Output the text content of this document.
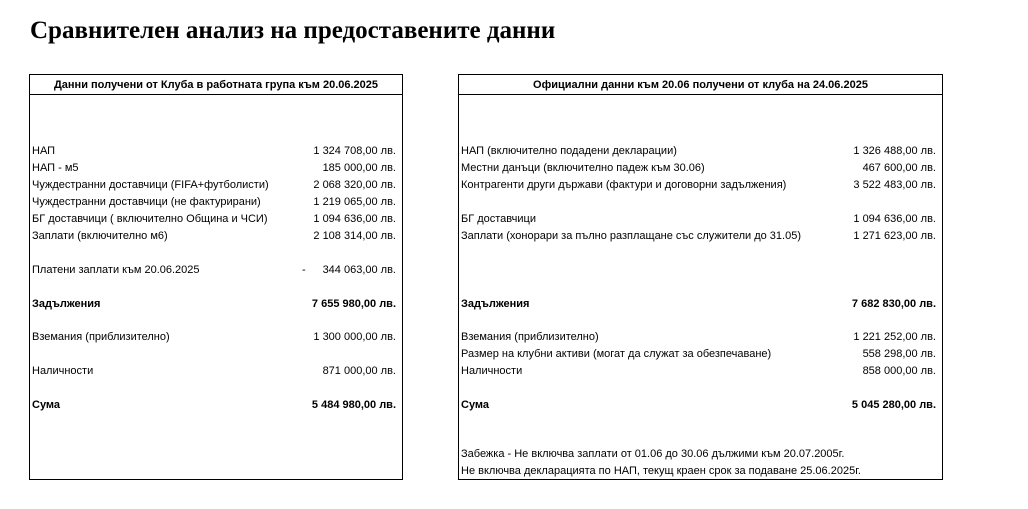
Сравнителен анализ на предоставените данни
Данни получени от Клуба в работната група към 20.06.2025
НАП	1 324 708,00 лв.
НАП - м5	185 000,00 лв.
Чуждестранни доставчици (FIFA+футболисти)	2 068 320,00 лв.
Чуждестранни доставчици (не фактурирани)	1 219 065,00 лв.
БГ доставчици ( включително Община и ЧСИ)	1 094 636,00 лв.
Заплати (включително м6)	2 108 314,00 лв.
Платени заплати към 20.06.2025	- 344 063,00 лв.
Задължения	7 655 980,00 лв.
Вземания (приблизително)	1 300 000,00 лв.
Наличности	871 000,00 лв.
Сума	5 484 980,00 лв.
Официални данни към 20.06 получени от клуба на 24.06.2025
НАП (включително подадени декларации)	1 326 488,00 лв.
Местни данъци (включително падеж към 30.06)	467 600,00 лв.
Контрагенти други държави (фактури и договорни задължения)	3 522 483,00 лв.
БГ доставчици	1 094 636,00 лв.
Заплати (хонорари за пълно разплащане със служители до 31.05)	1 271 623,00 лв.
Задължения	7 682 830,00 лв.
Вземания (приблизително)	1 221 252,00 лв.
Размер на клубни активи (могат да служат за обезпечаване)	558 298,00 лв.
Наличности	858 000,00 лв.
Сума	5 045 280,00 лв.
Забежка - Не включва заплати от 01.06 до 30.06 дължими към 20.07.2005г.
Не включва декларацията по НАП, текущ краен срок за подаване 25.06.2025г.
